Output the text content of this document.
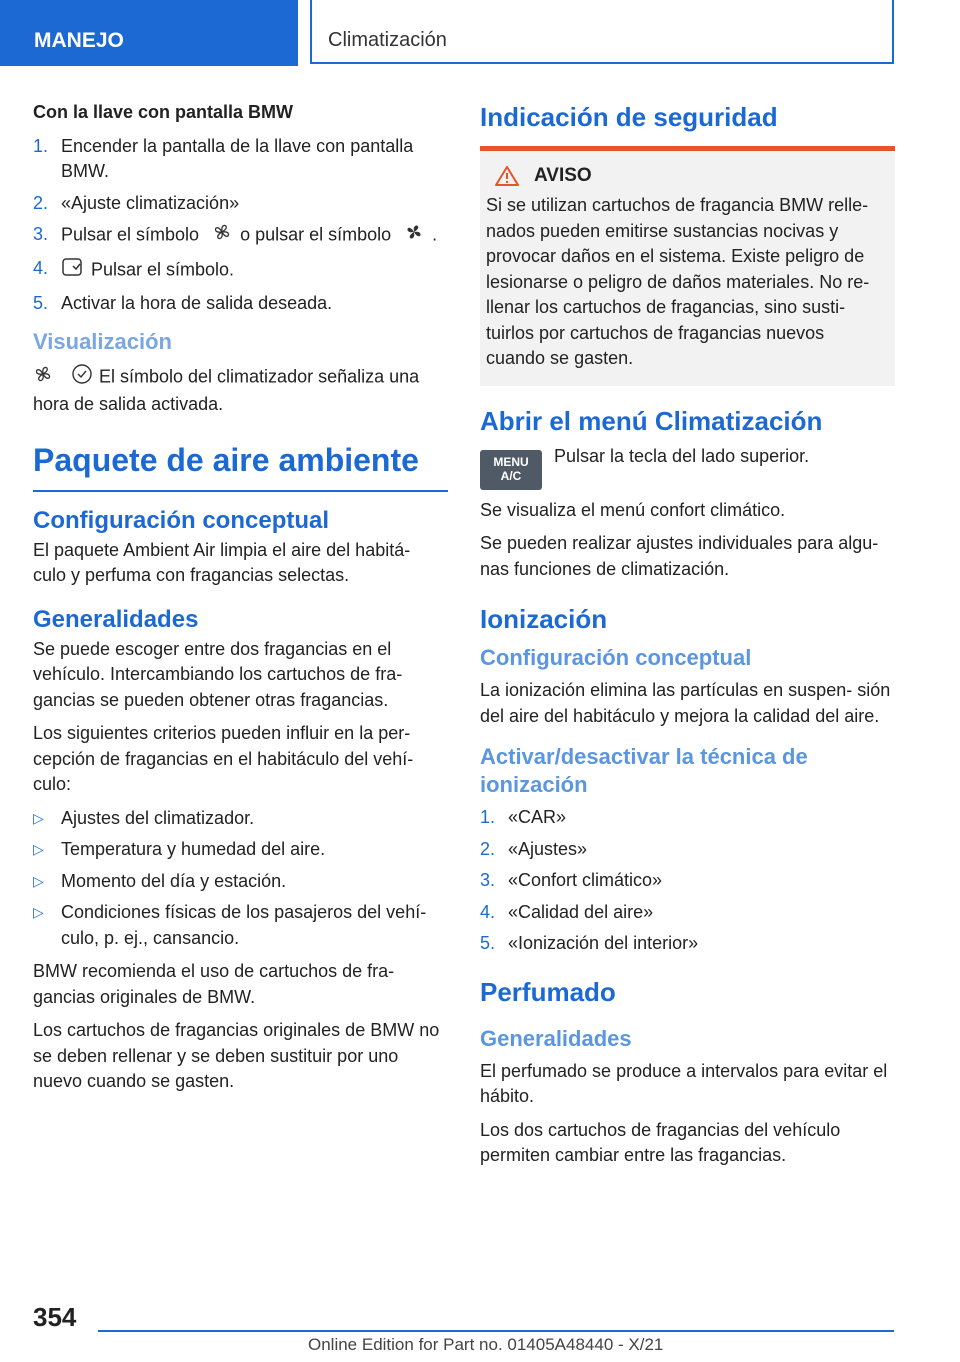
MANEJO	Climatización

Con la llave con pantalla BMW

1. Encender la pantalla de la llave con pantalla BMW.
2. «Ajuste climatización»
3. Pulsar el símbolo o pulsar el símbolo .
4. Pulsar el símbolo.
5. Activar la hora de salida deseada.
Visualización

El símbolo del climatizador señaliza una hora de salida activada.

Paquete de aire ambiente
Configuración conceptual

El paquete Ambient Air limpia el aire del habitá- culo y perfuma con fragancias selectas.

Generalidades

Se puede escoger entre dos fragancias en el vehículo. Intercambiando los cartuchos de fra- gancias se pueden obtener otras fragancias.

Los siguientes criterios pueden influir en la per- cepción de fragancias en el habitáculo del vehí- culo:

▷ Ajustes del climatizador.
▷ Temperatura y humedad del aire.
▷ Momento del día y estación.
▷ Condiciones físicas de los pasajeros del vehí- culo, p. ej., cansancio.

BMW recomienda el uso de cartuchos de fra- gancias originales de BMW.

Los cartuchos de fragancias originales de BMW no se deben rellenar y se deben sustituir por uno nuevo cuando se gasten.

Indicación de seguridad
AVISO

Si se utilizan cartuchos de fragancia BMW relle- nados pueden emitirse sustancias nocivas y provocar daños en el sistema. Existe peligro de lesionarse o peligro de daños materiales. No re- llenar los cartuchos de fragancias, sino susti- tuirlos por cartuchos de fragancias nuevos cuando se gasten.

Abrir el menú Climatización
MENU
A/C

Pulsar la tecla del lado superior.

Se visualiza el menú confort climático.

Se pueden realizar ajustes individuales para algu- nas funciones de climatización.

Ionización
Configuración conceptual

La ionización elimina las partículas en suspen- sión del aire del habitáculo y mejora la calidad del aire.

Activar/desactivar la técnica de ionización
1. «CAR»
2. «Ajustes»
3. «Confort climático»
4. «Calidad del aire»
5. «Ionización del interior»
Perfumado
Generalidades

El perfumado se produce a intervalos para evitar el hábito.

Los dos cartuchos de fragancias del vehículo permiten cambiar entre las fragancias.

354
Online Edition for Part no. 01405A48440 - X/21
